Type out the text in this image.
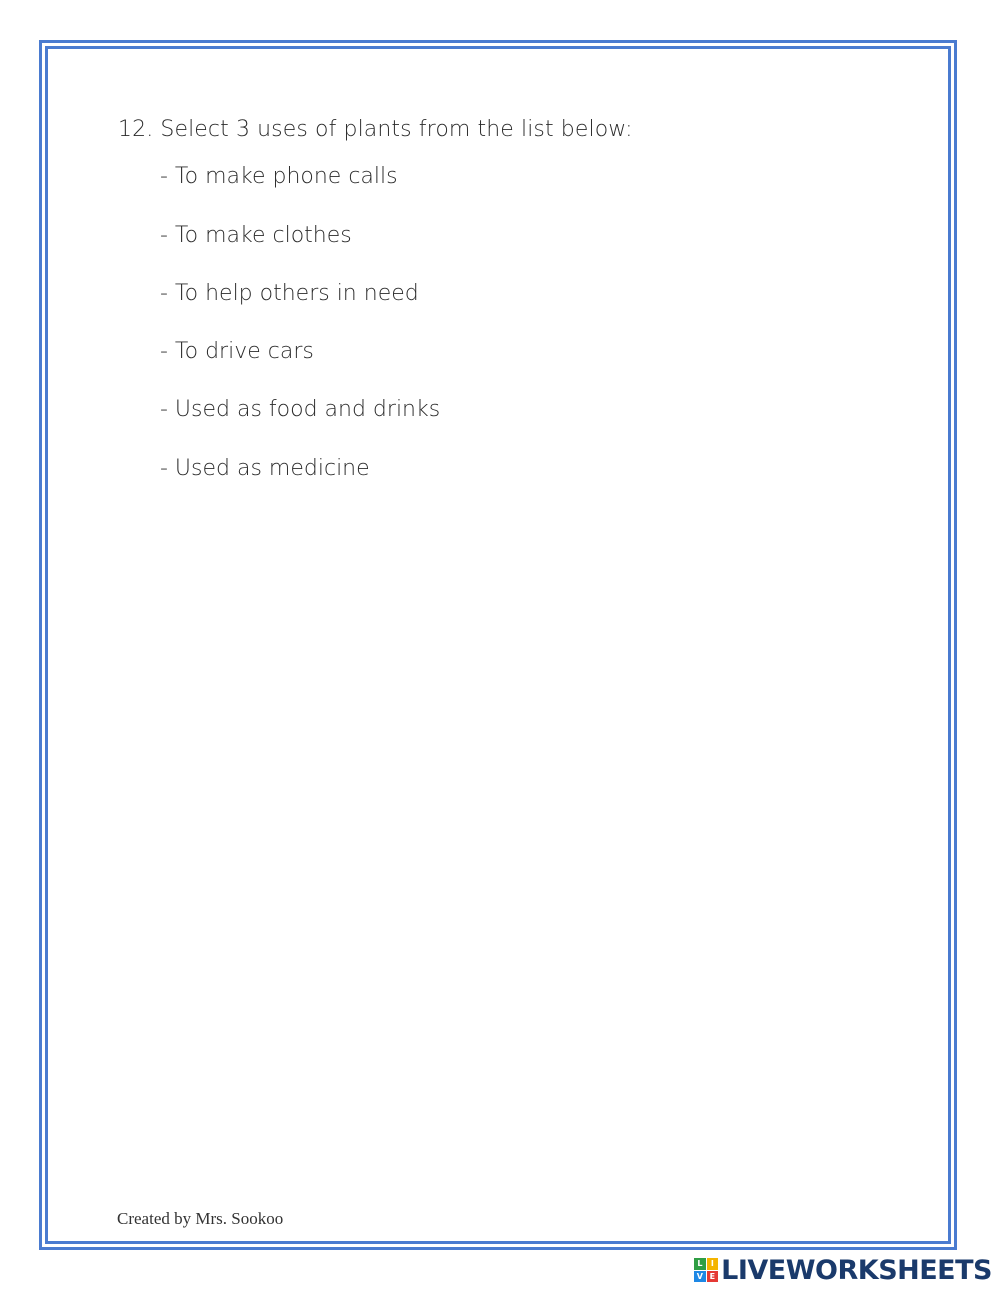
12. Select 3 uses of plants from the list below:
- To make phone calls
- To make clothes
- To help others in need
- To drive cars
- Used as food and drinks
- Used as medicine
Created by Mrs. Sookoo
L	I
V E LIVEWORKSHEETS
